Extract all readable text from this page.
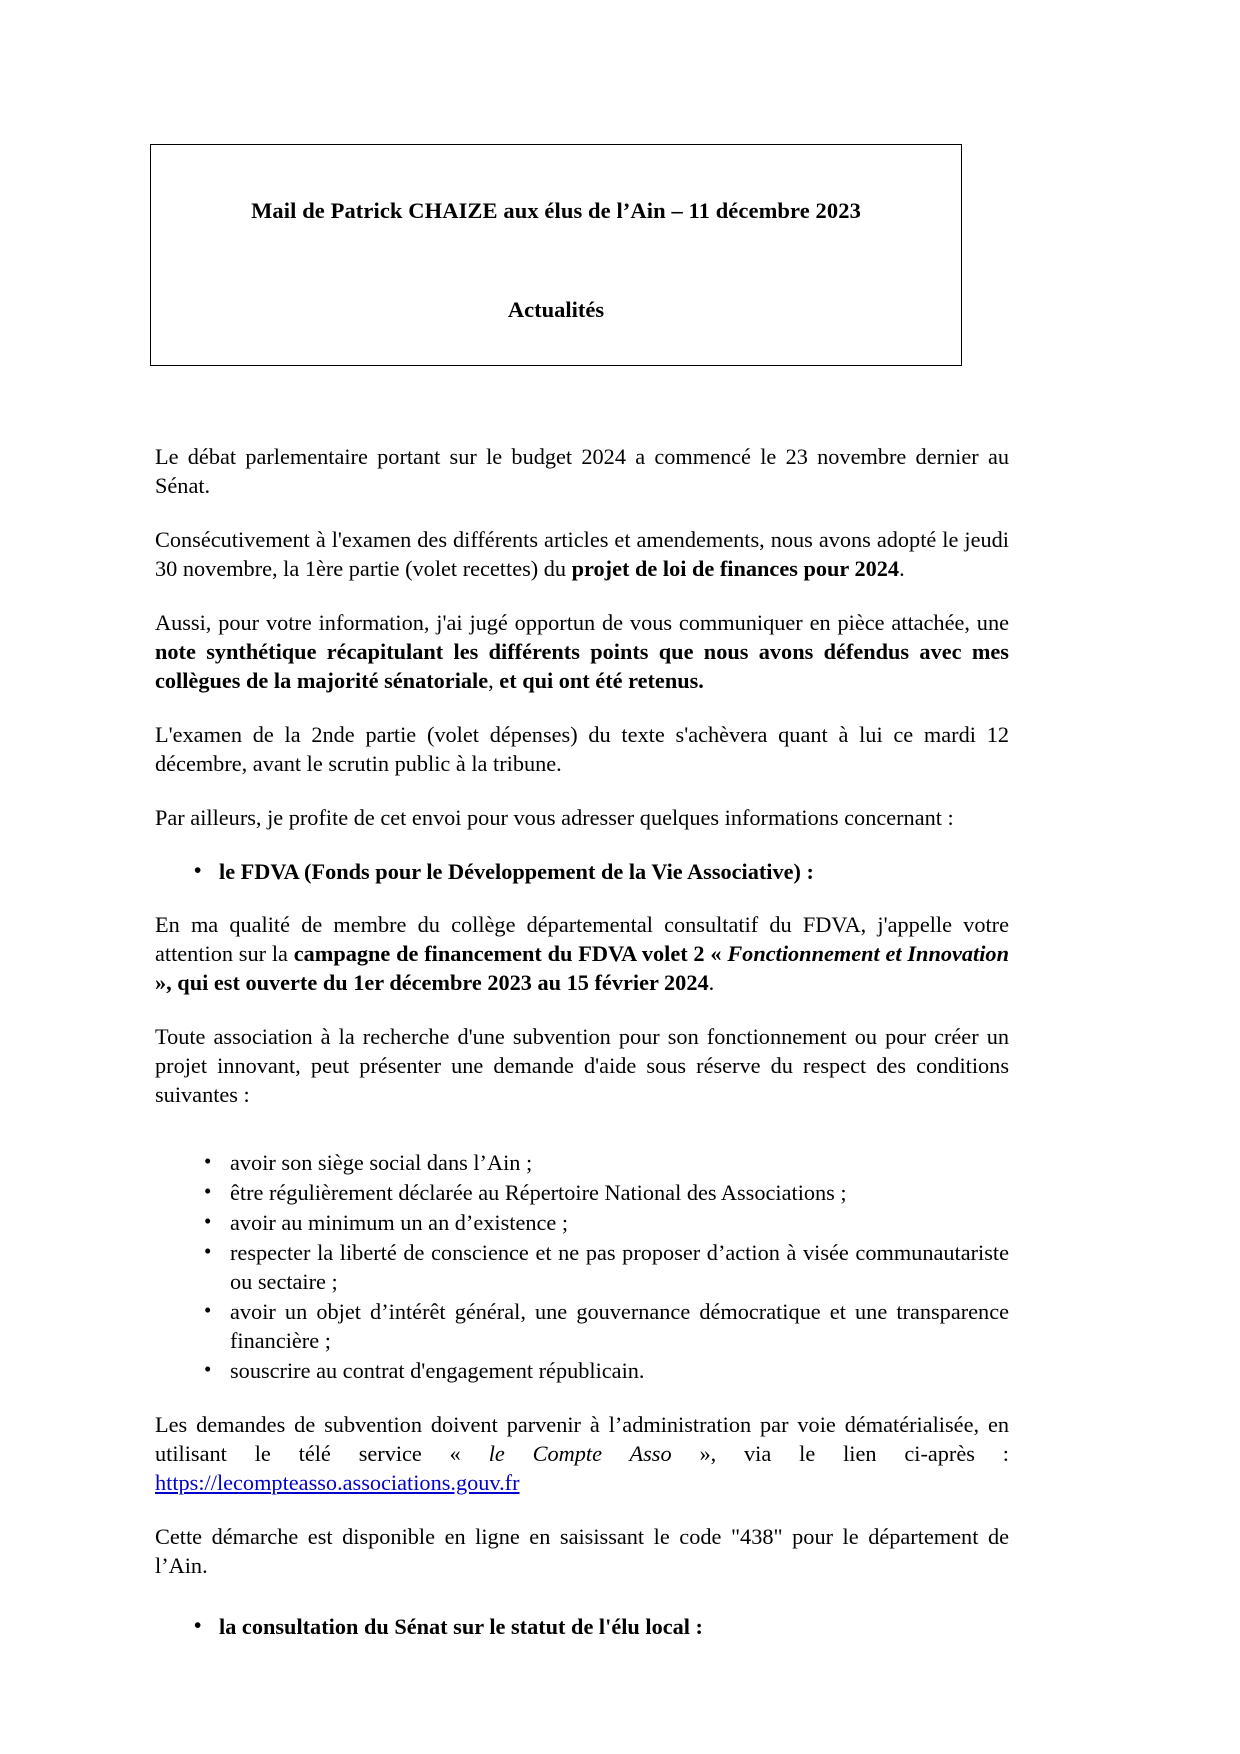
Mail de Patrick CHAIZE aux élus de l’Ain – 11 décembre 2023
Actualités

Le débat parlementaire portant sur le budget 2024 a commencé le 23 novembre dernier au Sénat.

Consécutivement à l'examen des différents articles et amendements, nous avons adopté le jeudi 30 novembre, la 1ère partie (volet recettes) du projet de loi de finances pour 2024.

Aussi, pour votre information, j'ai jugé opportun de vous communiquer en pièce attachée, une note synthétique récapitulant les différents points que nous avons défendus avec mes collègues de la majorité sénatoriale, et qui ont été retenus.

L'examen de la 2nde partie (volet dépenses) du texte s'achèvera quant à lui ce mardi 12 décembre, avant le scrutin public à la tribune.

Par ailleurs, je profite de cet envoi pour vous adresser quelques informations concernant :

• le FDVA (Fonds pour le Développement de la Vie Associative) :

En ma qualité de membre du collège départemental consultatif du FDVA, j'appelle votre attention sur la campagne de financement du FDVA volet 2 « Fonctionnement et Innovation », qui est ouverte du 1er décembre 2023 au 15 février 2024.

Toute association à la recherche d'une subvention pour son fonctionnement ou pour créer un projet innovant, peut présenter une demande d'aide sous réserve du respect des conditions suivantes :

• avoir son siège social dans l’Ain ;
• être régulièrement déclarée au Répertoire National des Associations ;
• avoir au minimum un an d’existence ;
• respecter la liberté de conscience et ne pas proposer d’action à visée communautariste ou sectaire ;
• avoir un objet d’intérêt général, une gouvernance démocratique et une transparence financière ;
• souscrire au contrat d'engagement républicain.

Les demandes de subvention doivent parvenir à l’administration par voie dématérialisée, en utilisant le télé service « le Compte Asso », via le lien ci-après : https://lecompteasso.associations.gouv.fr

Cette démarche est disponible en ligne en saisissant le code "438" pour le département de l’Ain.

• la consultation du Sénat sur le statut de l'élu local :
